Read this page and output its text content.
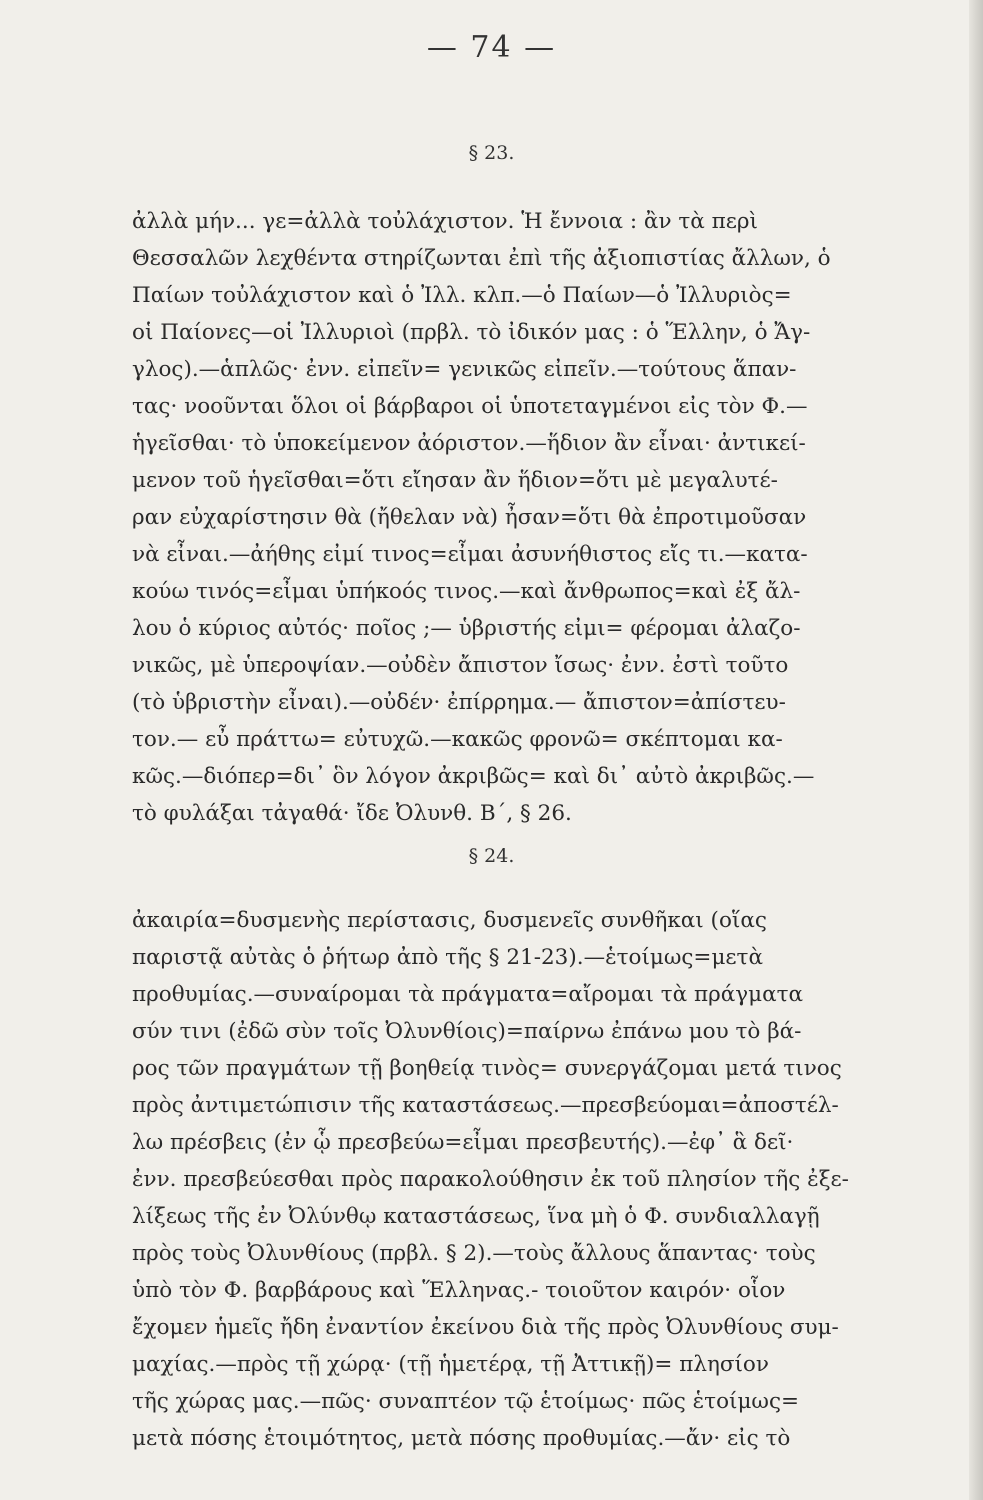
— 74 —
§ 23.
ἀλλὰ μήν... γε=ἀλλὰ τοὐλάχιστον. Ἡ ἔννοια : ἂν τὰ περὶ
Θεσσαλῶν λεχθέντα στηρίζωνται ἐπὶ τῆς ἀξιοπιστίας ἄλλων, ὁ
Παίων τοὐλάχιστον καὶ ὁ Ἰλλ. κλπ.—ὁ Παίων—ὁ Ἰλλυριὸς=
οἱ Παίονες—οἱ Ἰλλυριοὶ (πρβλ. τὸ ἰδικόν μας : ὁ Ἕλλην, ὁ Ἄγ-
γλος).—ἁπλῶς· ἐνν. εἰπεῖν= γενικῶς εἰπεῖν.—τούτους ἅπαν-
τας· νοοῦνται ὅλοι οἱ βάρβαροι οἱ ὑποτεταγμένοι εἰς τὸν Φ.—
ἡγεῖσθαι· τὸ ὑποκείμενον ἀόριστον.—ἥδιον ἂν εἶναι· ἀντικεί-
μενον τοῦ ἡγεῖσθαι=ὅτι εἴησαν ἂν ἥδιον=ὅτι μὲ μεγαλυτέ-
ραν εὐχαρίστησιν θὰ (ἤθελαν νὰ) ἦσαν=ὅτι θὰ ἐπροτιμοῦσαν
νὰ εἶναι.—ἀήθης εἰμί τινος=εἶμαι ἀσυνήθιστος εἴς τι.—κατα-
κούω τινός=εἶμαι ὑπήκοός τινος.—καὶ ἄνθρωπος=καὶ ἐξ ἄλ-
λου ὁ κύριος αὐτός· ποῖος ;— ὑβριστής εἰμι= φέρομαι ἀλαζο-
νικῶς, μὲ ὑπεροψίαν.—οὐδὲν ἄπιστον ἴσως· ἐνν. ἐστὶ τοῦτο
(τὸ ὑβριστὴν εἶναι).—οὐδέν· ἐπίρρημα.— ἄπιστον=ἀπίστευ-
τον.— εὖ πράττω= εὐτυχῶ.—κακῶς φρονῶ= σκέπτομαι κα-
κῶς.—διόπερ=δι᾿ ὃν λόγον ἀκριβῶς= καὶ δι᾿ αὐτὸ ἀκριβῶς.—
τὸ φυλάξαι τἀγαθά· ἴδε Ὀλυνθ. Β΄, § 26.
§ 24.
ἀκαιρία=δυσμενὴς περίστασις, δυσμενεῖς συνθῆκαι (οἵας
παριστᾷ αὐτὰς ὁ ῥήτωρ ἀπὸ τῆς § 21-23).—ἑτοίμως=μετὰ
προθυμίας.—συναίρομαι τὰ πράγματα=αἴρομαι τὰ πράγματα
σύν τινι (ἐδῶ σὺν τοῖς Ὀλυνθίοις)=παίρνω ἐπάνω μου τὸ βά-
ρος τῶν πραγμάτων τῇ βοηθείᾳ τινὸς= συνεργάζομαι μετά τινος
πρὸς ἀντιμετώπισιν τῆς καταστάσεως.—πρεσβεύομαι=ἀποστέλ-
λω πρέσβεις (ἐν ᾧ πρεσβεύω=εἶμαι πρεσβευτής).—ἐφ᾿ ἃ δεῖ·
ἐνν. πρεσβεύεσθαι πρὸς παρακολούθησιν ἐκ τοῦ πλησίον τῆς ἐξε-
λίξεως τῆς ἐν Ὀλύνθῳ καταστάσεως, ἵνα μὴ ὁ Φ. συνδιαλλαγῇ
πρὸς τοὺς Ὀλυνθίους (πρβλ. § 2).—τοὺς ἄλλους ἅπαντας· τοὺς
ὑπὸ τὸν Φ. βαρβάρους καὶ Ἕλληνας.- τοιοῦτον καιρόν· οἷον
ἔχομεν ἡμεῖς ἤδη ἐναντίον ἐκείνου διὰ τῆς πρὸς Ὀλυνθίους συμ-
μαχίας.—πρὸς τῇ χώρᾳ· (τῇ ἡμετέρᾳ, τῇ Ἀττικῇ)= πλησίον
τῆς χώρας μας.—πῶς· συναπτέον τῷ ἑτοίμως· πῶς ἑτοίμως=
μετὰ πόσης ἑτοιμότητος, μετὰ πόσης προθυμίας.—ἄν· εἰς τὸ
